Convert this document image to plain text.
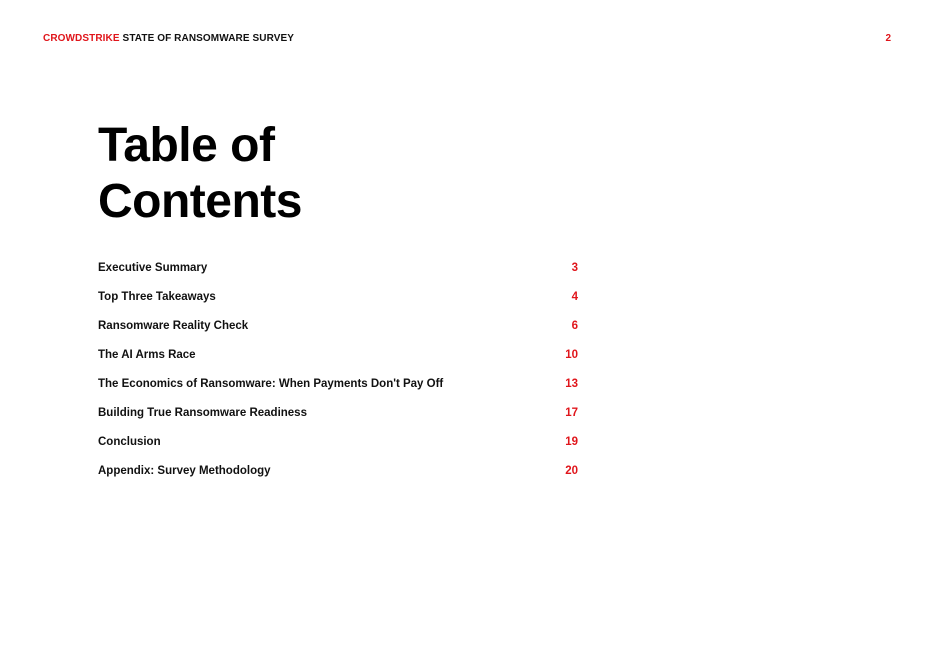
CROWDSTRIKE STATE OF RANSOMWARE SURVEY	2
Table of
Contents
Executive Summary	3
Top Three Takeaways	4
Ransomware Reality Check	6
The AI Arms Race	10
The Economics of Ransomware: When Payments Don't Pay Off	13
Building True Ransomware Readiness	17
Conclusion	19
Appendix: Survey Methodology	20
